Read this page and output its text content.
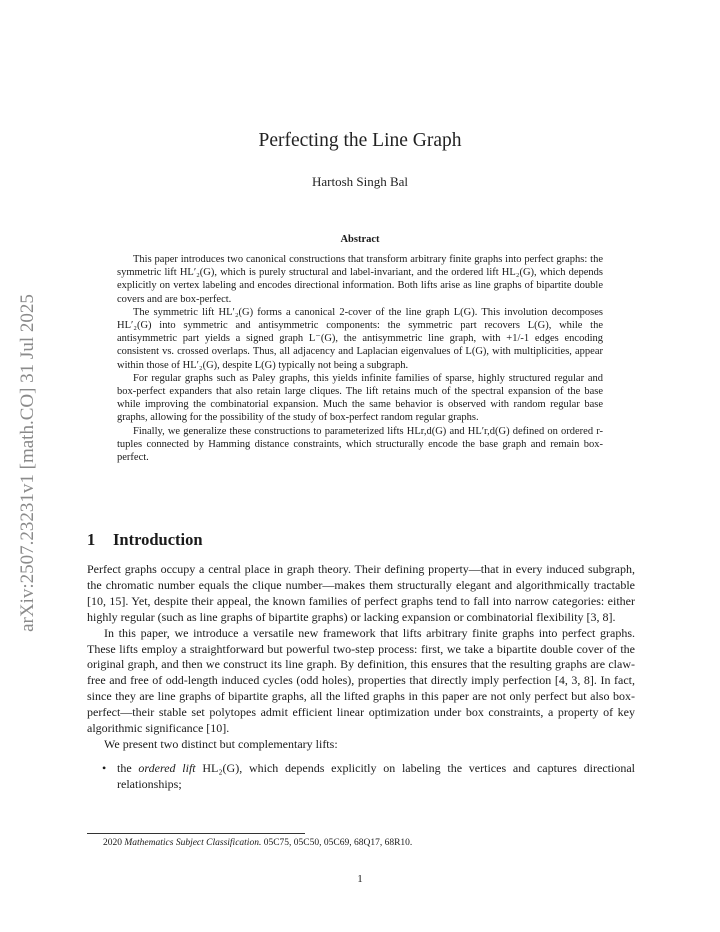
arXiv:2507.23231v1 [math.CO] 31 Jul 2025
Perfecting the Line Graph
Hartosh Singh Bal
Abstract

This paper introduces two canonical constructions that transform arbitrary finite graphs into perfect graphs: the symmetric lift HL′₂(G), which is purely structural and label-invariant, and the ordered lift HL₂(G), which depends explicitly on vertex labeling and encodes directional information. Both lifts arise as line graphs of bipartite double covers and are box-perfect.

The symmetric lift HL′₂(G) forms a canonical 2-cover of the line graph L(G). This involution decomposes HL′₂(G) into symmetric and antisymmetric components: the symmetric part recovers L(G), while the antisymmetric part yields a signed graph L⁻(G), the antisymmetric line graph, with +1/-1 edges encoding consistent vs. crossed overlaps. Thus, all adjacency and Laplacian eigenvalues of L(G), with multiplicities, appear within those of HL′₂(G), despite L(G) typically not being a subgraph.

For regular graphs such as Paley graphs, this yields infinite families of sparse, highly structured regular and box-perfect expanders that also retain large cliques. The lift retains much of the spectral expansion of the base while improving the combinatorial expansion. Much the same behavior is observed with random regular base graphs, allowing for the possibility of the study of box-perfect random regular graphs.

Finally, we generalize these constructions to parameterized lifts HLr,d(G) and HL′r,d(G) defined on ordered r-tuples connected by Hamming distance constraints, which structurally encode the base graph and remain box-perfect.

1 Introduction

Perfect graphs occupy a central place in graph theory. Their defining property—that in every induced subgraph, the chromatic number equals the clique number—makes them structurally elegant and algorithmically tractable [10, 15]. Yet, despite their appeal, the known families of perfect graphs tend to fall into narrow categories: either highly regular (such as line graphs of bipartite graphs) or lacking expansion or combinatorial flexibility [3, 8].

In this paper, we introduce a versatile new framework that lifts arbitrary finite graphs into perfect graphs. These lifts employ a straightforward but powerful two-step process: first, we take a bipartite double cover of the original graph, and then we construct its line graph. By definition, this ensures that the resulting graphs are claw-free and free of odd-length induced cycles (odd holes), properties that directly imply perfection [4, 3, 8]. In fact, since they are line graphs of bipartite graphs, all the lifted graphs in this paper are not only perfect but also box-perfect—their stable set polytopes admit efficient linear optimization under box constraints, a property of key algorithmic significance [10].

We present two distinct but complementary lifts:

• the ordered lift HL₂(G), which depends explicitly on labeling the vertices and captures directional relationships;
2020 Mathematics Subject Classification. 05C75, 05C50, 05C69, 68Q17, 68R10.
1
